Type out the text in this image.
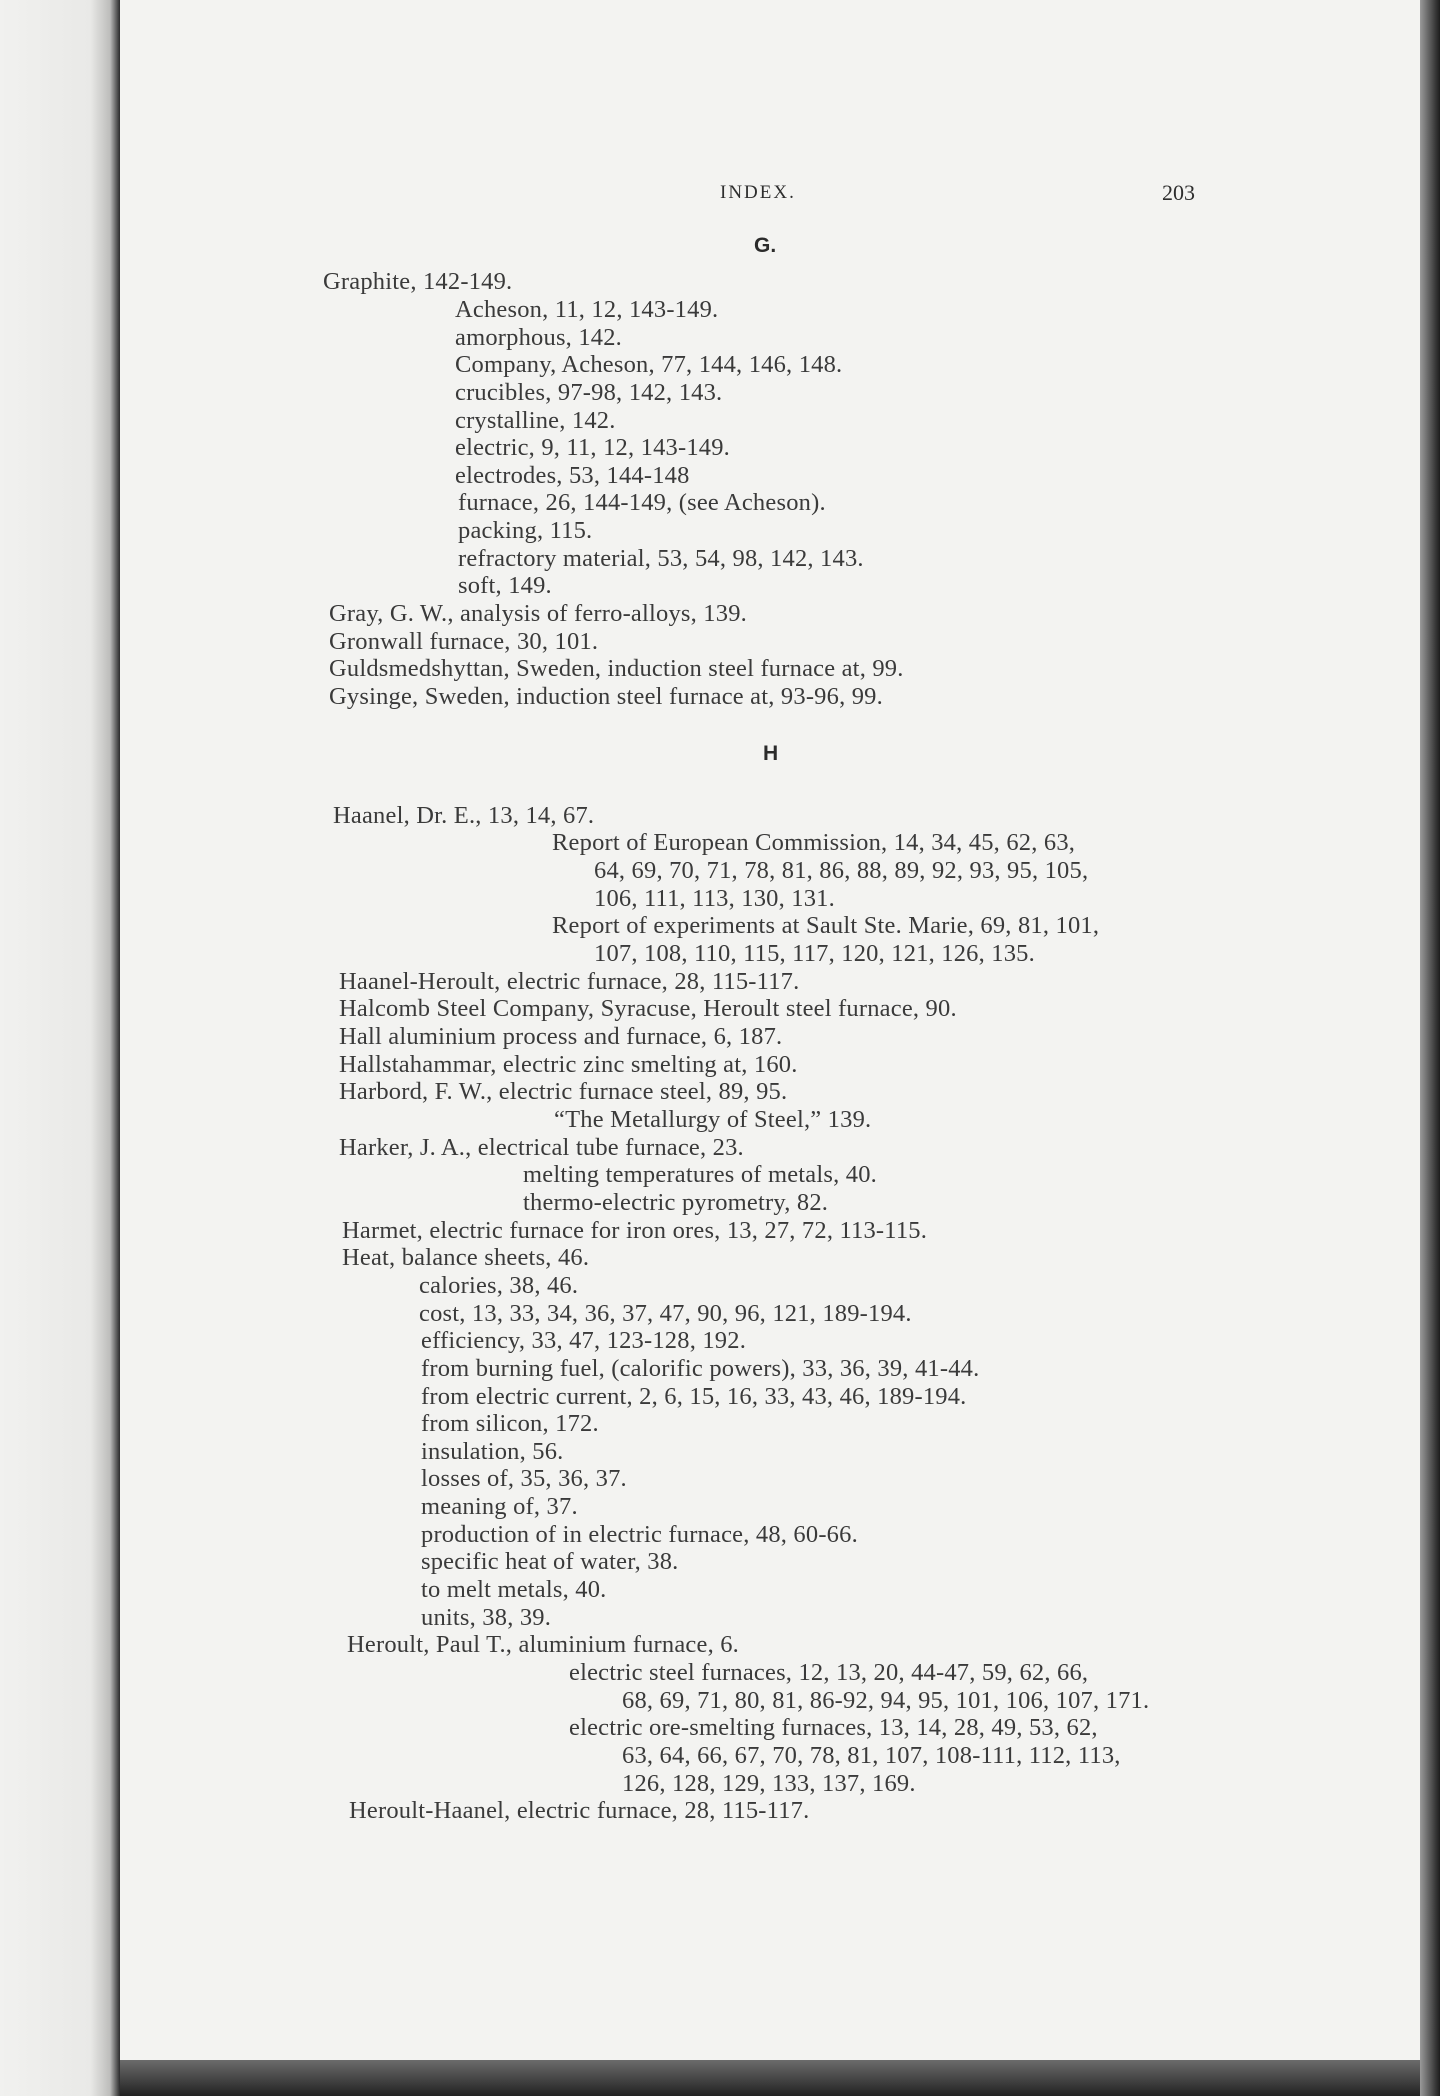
INDEX.	203
G.
H
Graphite, 142-149.
Acheson, 11, 12, 143-149.
amorphous, 142.
Company, Acheson, 77, 144, 146, 148.
crucibles, 97-98, 142, 143.
crystalline, 142.
electric, 9, 11, 12, 143-149.
electrodes, 53, 144-148
furnace, 26, 144-149, (see Acheson).
packing, 115.
refractory material, 53, 54, 98, 142, 143.
soft, 149.
Gray, G. W., analysis of ferro-alloys, 139.
Gronwall furnace, 30, 101.
Guldsmedshyttan, Sweden, induction steel furnace at, 99.
Gysinge, Sweden, induction steel furnace at, 93-96, 99.
Haanel, Dr. E., 13, 14, 67.
Report of European Commission, 14, 34, 45, 62, 63,
64, 69, 70, 71, 78, 81, 86, 88, 89, 92, 93, 95, 105,
106, 111, 113, 130, 131.
Report of experiments at Sault Ste. Marie, 69, 81, 101,
107, 108, 110, 115, 117, 120, 121, 126, 135.
Haanel-Heroult, electric furnace, 28, 115-117.
Halcomb Steel Company, Syracuse, Heroult steel furnace, 90.
Hall aluminium process and furnace, 6, 187.
Hallstahammar, electric zinc smelting at, 160.
Harbord, F. W., electric furnace steel, 89, 95.
“The Metallurgy of Steel,” 139.
Harker, J. A., electrical tube furnace, 23.
melting temperatures of metals, 40.
thermo-electric pyrometry, 82.
Harmet, electric furnace for iron ores, 13, 27, 72, 113-115.
Heat, balance sheets, 46.
calories, 38, 46.
cost, 13, 33, 34, 36, 37, 47, 90, 96, 121, 189-194.
efficiency, 33, 47, 123-128, 192.
from burning fuel, (calorific powers), 33, 36, 39, 41-44.
from electric current, 2, 6, 15, 16, 33, 43, 46, 189-194.
from silicon, 172.
insulation, 56.
losses of, 35, 36, 37.
meaning of, 37.
production of in electric furnace, 48, 60-66.
specific heat of water, 38.
to melt metals, 40.
units, 38, 39.
Heroult, Paul T., aluminium furnace, 6.
electric steel furnaces, 12, 13, 20, 44-47, 59, 62, 66,
68, 69, 71, 80, 81, 86-92, 94, 95, 101, 106, 107, 171.
electric ore-smelting furnaces, 13, 14, 28, 49, 53, 62,
63, 64, 66, 67, 70, 78, 81, 107, 108-111, 112, 113,
126, 128, 129, 133, 137, 169.
Heroult-Haanel, electric furnace, 28, 115-117.
